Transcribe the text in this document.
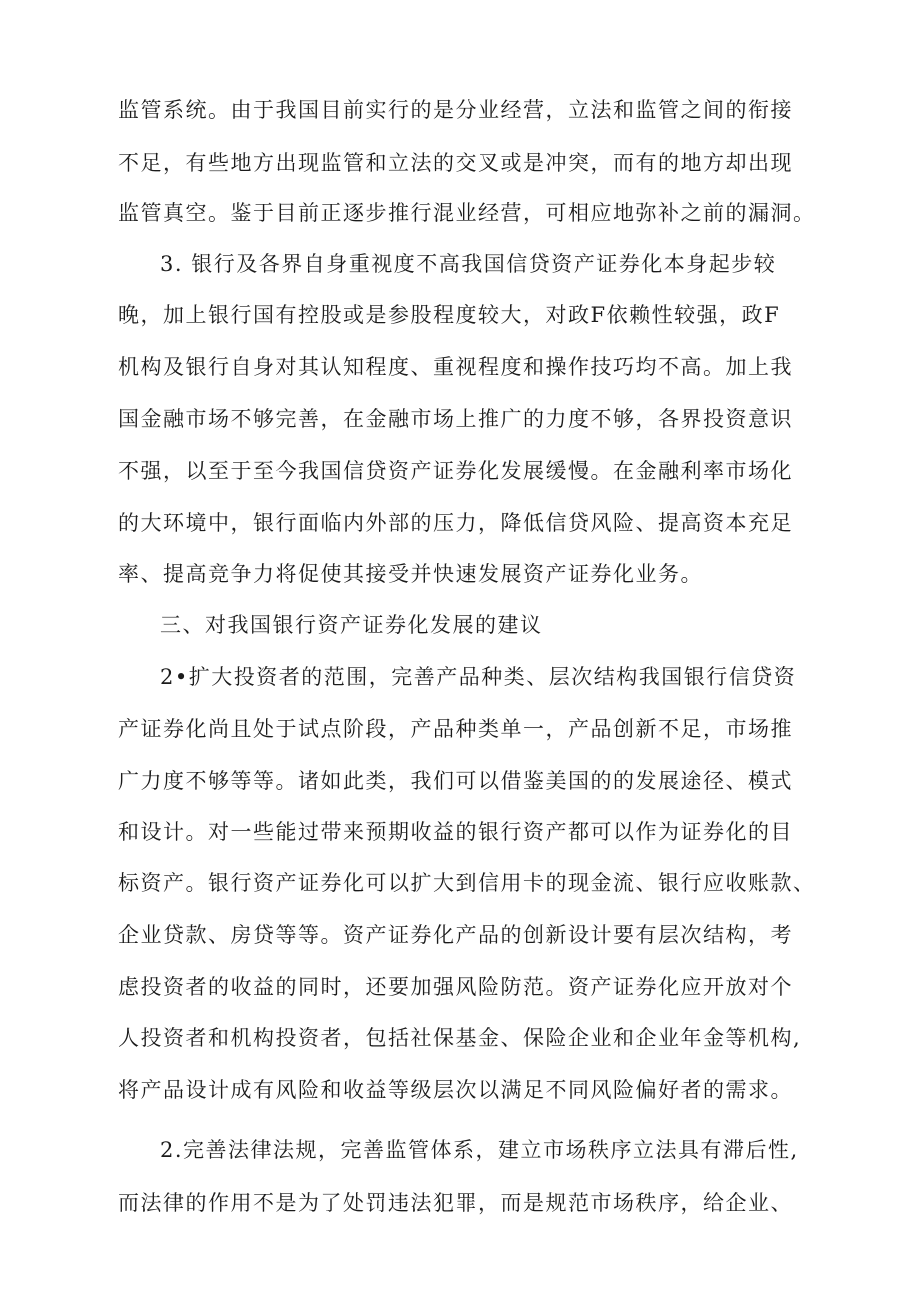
监管系统。由于我国目前实行的是分业经营，立法和监管之间的衔接
不足，有些地方出现监管和立法的交叉或是冲突，而有的地方却出现
监管真空。鉴于目前正逐步推行混业经营，可相应地弥补之前的漏洞。
3. 银行及各界自身重视度不高我国信贷资产证券化本身起步较
晚，加上银行国有控股或是参股程度较大，对政F依赖性较强，政F
机构及银行自身对其认知程度、重视程度和操作技巧均不高。加上我
国金融市场不够完善，在金融市场上推广的力度不够，各界投资意识
不强，以至于至今我国信贷资产证券化发展缓慢。在金融利率市场化
的大环境中，银行面临内外部的压力，降低信贷风险、提高资本充足
率、提高竞争力将促使其接受并快速发展资产证券化业务。
三、对我国银行资产证券化发展的建议
2•扩大投资者的范围，完善产品种类、层次结构我国银行信贷资
产证券化尚且处于试点阶段，产品种类单一，产品创新不足，市场推
广力度不够等等。诸如此类，我们可以借鉴美国的的发展途径、模式
和设计。对一些能过带来预期收益的银行资产都可以作为证券化的目
标资产。银行资产证券化可以扩大到信用卡的现金流、银行应收账款、
企业贷款、房贷等等。资产证券化产品的创新设计要有层次结构，考
虑投资者的收益的同时，还要加强风险防范。资产证券化应开放对个
人投资者和机构投资者，包括社保基金、保险企业和企业年金等机构,
将产品设计成有风险和收益等级层次以满足不同风险偏好者的需求。
2.完善法律法规，完善监管体系，建立市场秩序立法具有滞后性,
而法律的作用不是为了处罚违法犯罪，而是规范市场秩序，给企业、
